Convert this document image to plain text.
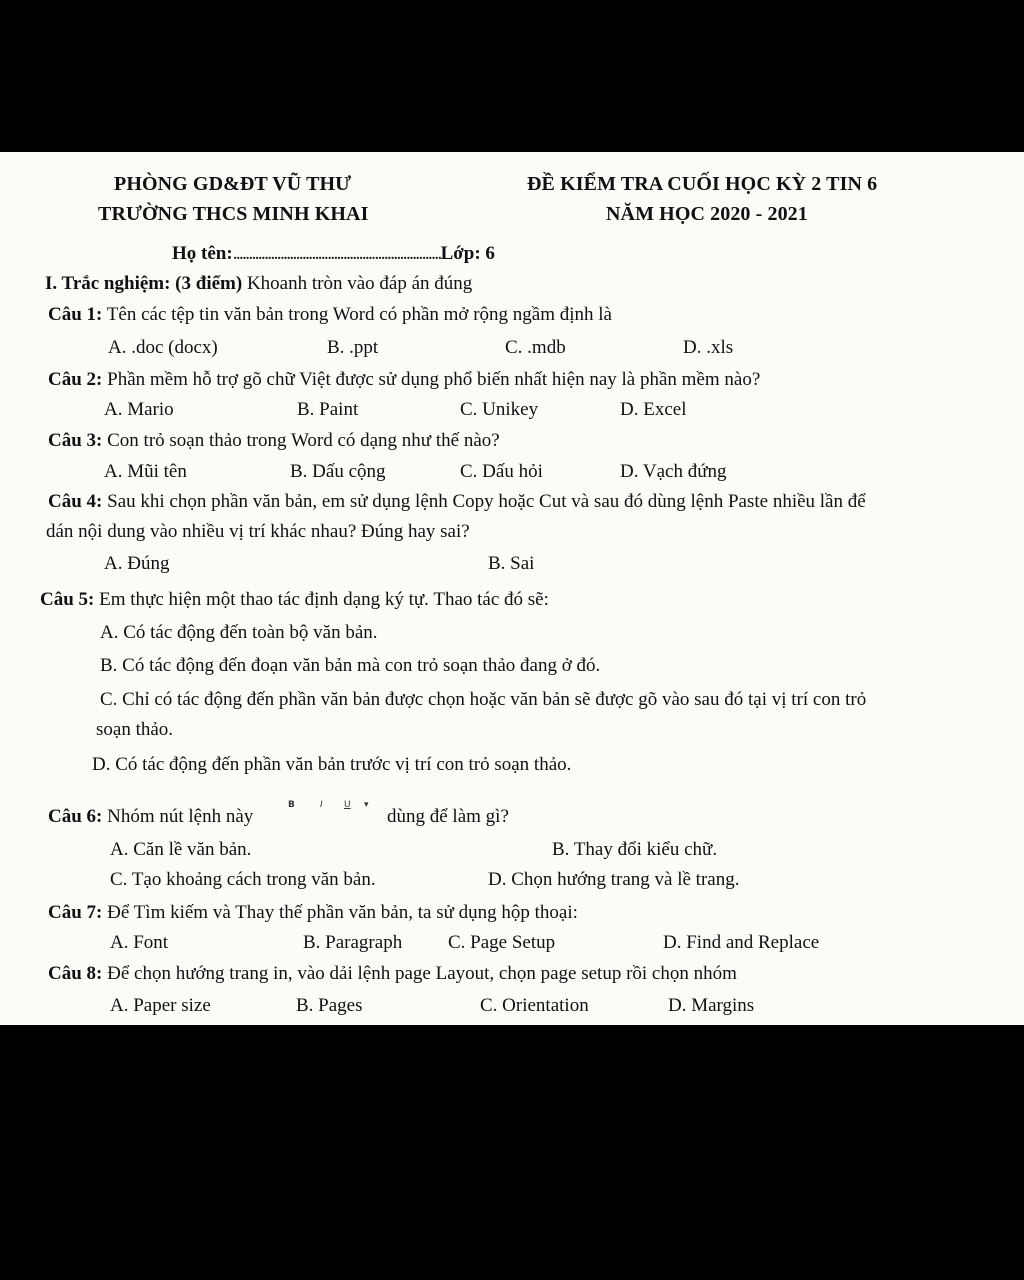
PHÒNG GD&ĐT VŨ THƯ
TRƯỜNG THCS MINH KHAI
ĐỀ KIỂM TRA CUỐI HỌC KỲ 2 TIN 6
NĂM HỌC 2020 - 2021
Họ tên:..................................................................Lớp: 6
I. Trắc nghiệm: (3 điểm) Khoanh tròn vào đáp án đúng
Câu 1: Tên các tệp tin văn bản trong Word có phần mở rộng ngầm định là
A. .doc (docx)	B. .ppt	C. .mdb	D. .xls
Câu 2: Phần mềm hỗ trợ gõ chữ Việt được sử dụng phổ biến nhất hiện nay là phần mềm nào?
A. Mario	B. Paint	C. Unikey	D. Excel
Câu 3: Con trỏ soạn thảo trong Word có dạng như thế nào?
A. Mũi tên	B. Dấu cộng	C. Dấu hỏi	D. Vạch đứng
Câu 4: Sau khi chọn phần văn bản, em sử dụng lệnh Copy hoặc Cut và sau đó dùng lệnh Paste nhiều lần để
dán nội dung vào nhiều vị trí khác nhau? Đúng hay sai?
A. Đúng	B. Sai
Câu 5: Em thực hiện một thao tác định dạng ký tự. Thao tác đó sẽ:
A. Có tác động đến toàn bộ văn bản.
B. Có tác động đến đoạn văn bản mà con trỏ soạn thảo đang ở đó.
C. Chỉ có tác động đến phần văn bản được chọn hoặc văn bản sẽ được gõ vào sau đó tại vị trí con trỏ
soạn thảo.
D. Có tác động đến phần văn bản trước vị trí con trỏ soạn thảo.
Câu 6: Nhóm nút lệnh này
B	I U ▾
dùng để làm gì?
A. Căn lề văn bản.	B. Thay đổi kiểu chữ.
C. Tạo khoảng cách trong văn bản.	D. Chọn hướng trang và lề trang.
Câu 7: Để Tìm kiếm và Thay thế phần văn bản, ta sử dụng hộp thoại:
A. Font	B. Paragraph C. Page Setup	D. Find and Replace
Câu 8: Để chọn hướng trang in, vào dải lệnh page Layout, chọn page setup rồi chọn nhóm
A. Paper size	B. Pages	C. Orientation	D. Margins
